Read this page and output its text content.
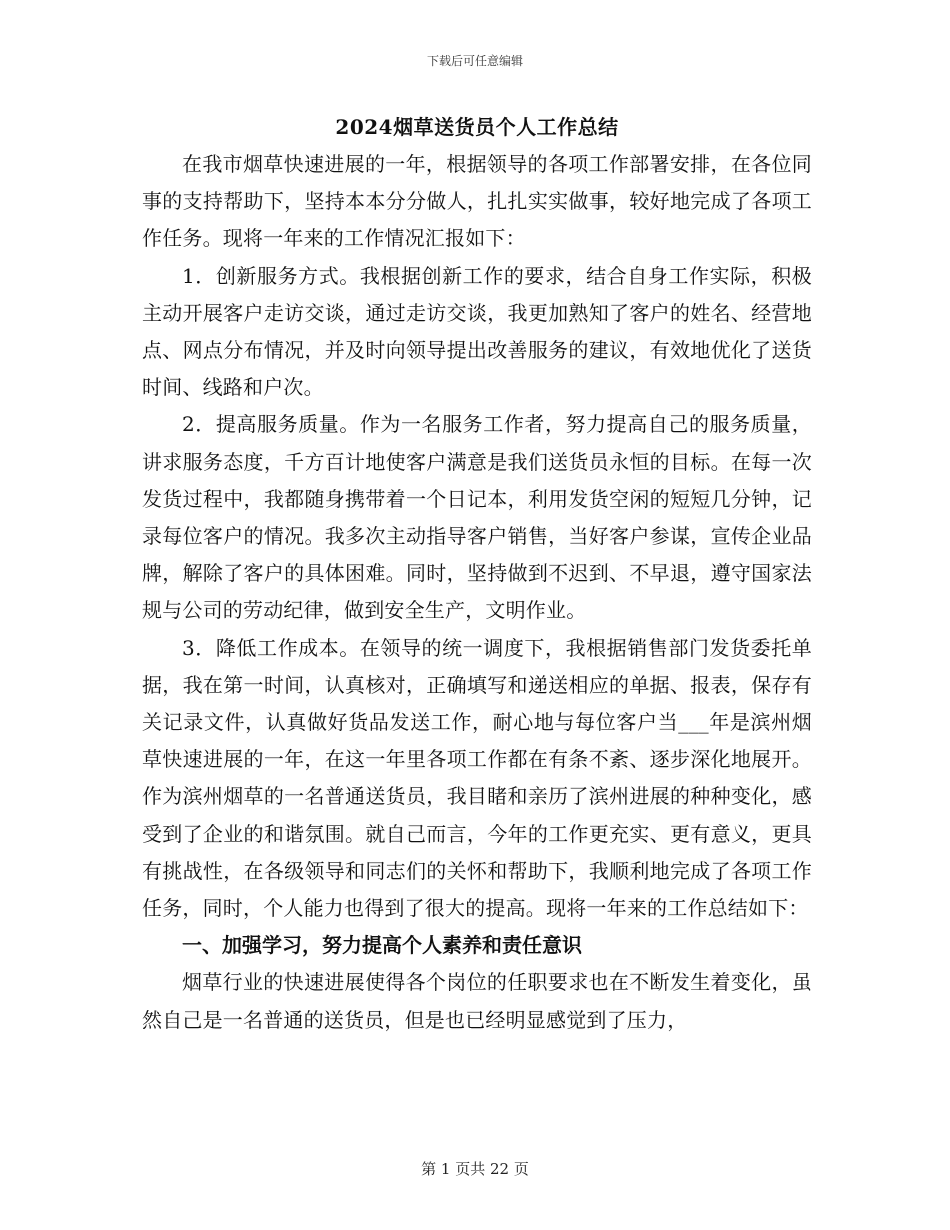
下载后可任意编辑
2024烟草送货员个人工作总结

在我市烟草快速进展的一年，根据领导的各项工作部署安排，在各位同事的支持帮助下，坚持本本分分做人，扎扎实实做事，较好地完成了各项工作任务。现将一年来的工作情况汇报如下：

1．创新服务方式。我根据创新工作的要求，结合自身工作实际，积极主动开展客户走访交谈，通过走访交谈，我更加熟知了客户的姓名、经营地点、网点分布情况，并及时向领导提出改善服务的建议，有效地优化了送货时间、线路和户次。

2．提高服务质量。作为一名服务工作者，努力提高自己的服务质量，讲求服务态度，千方百计地使客户满意是我们送货员永恒的目标。在每一次发货过程中，我都随身携带着一个日记本，利用发货空闲的短短几分钟，记录每位客户的情况。我多次主动指导客户销售，当好客户参谋，宣传企业品牌，解除了客户的具体困难。同时，坚持做到不迟到、不早退，遵守国家法规与公司的劳动纪律，做到安全生产，文明作业。

3．降低工作成本。在领导的统一调度下，我根据销售部门发货委托单据，我在第一时间，认真核对，正确填写和递送相应的单据、报表，保存有关记录文件，认真做好货品发送工作，耐心地与每位客户当___年是滨州烟草快速进展的一年，在这一年里各项工作都在有条不紊、逐步深化地展开。作为滨州烟草的一名普通送货员，我目睹和亲历了滨州进展的种种变化，感受到了企业的和谐氛围。就自己而言，今年的工作更充实、更有意义，更具有挑战性，在各级领导和同志们的关怀和帮助下，我顺利地完成了各项工作任务，同时，个人能力也得到了很大的提高。现将一年来的工作总结如下：

一、加强学习，努力提高个人素养和责任意识

烟草行业的快速进展使得各个岗位的任职要求也在不断发生着变化，虽然自己是一名普通的送货员，但是也已经明显感觉到了压力，

第 1 页共 22 页
